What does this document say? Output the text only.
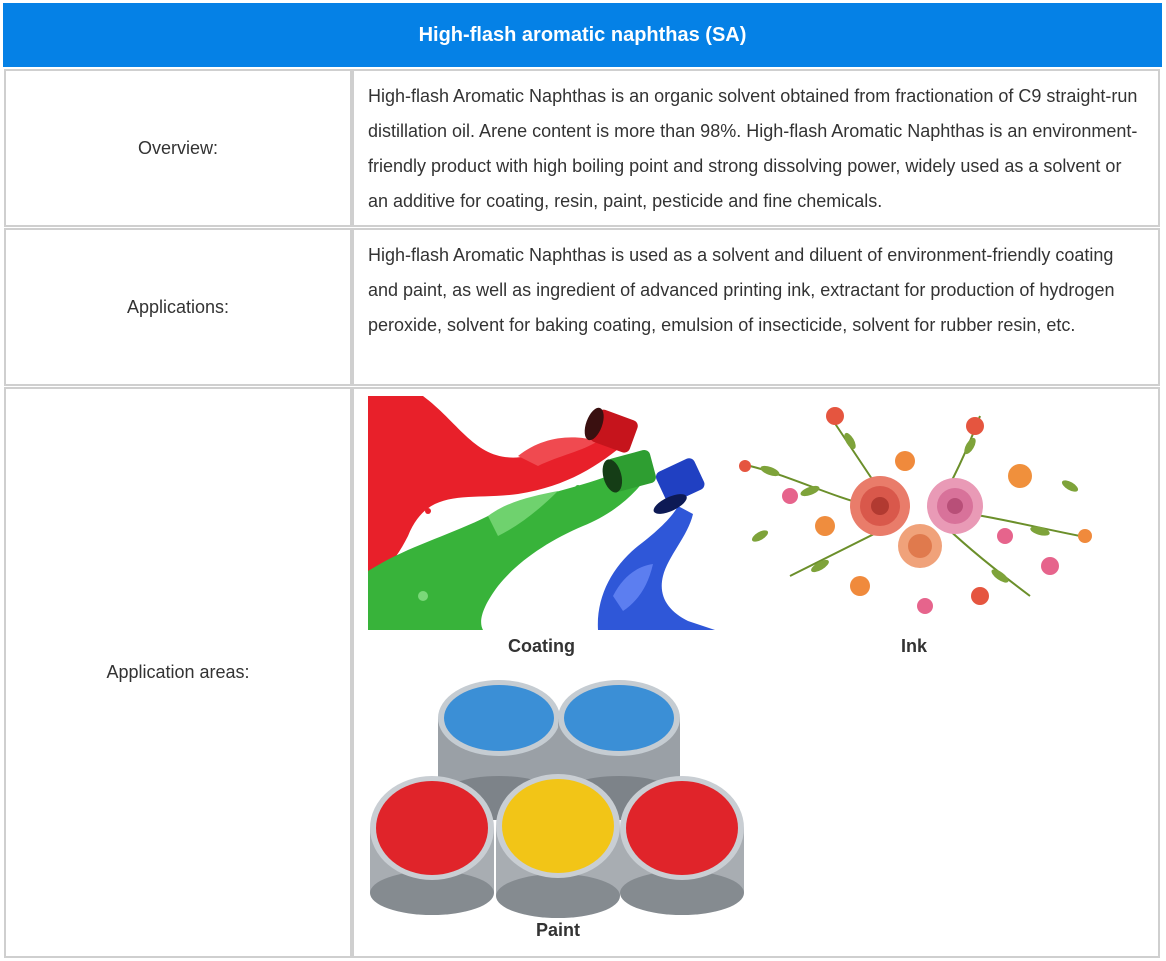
High-flash aromatic naphthas (SA)
Overview:
High-flash Aromatic Naphthas is an organic solvent obtained from fractionation of C9 straight-run distillation oil. Arene content is more than 98%. High-flash Aromatic Naphthas is an environment-friendly product with high boiling point and strong dissolving power, widely used as a solvent or an additive for coating, resin, paint, pesticide and fine chemicals.
Applications:
High-flash Aromatic Naphthas is used as a solvent and diluent of environment-friendly coating and paint, as well as ingredient of advanced printing ink, extractant for production of hydrogen peroxide, solvent for baking coating, emulsion of insecticide, solvent for rubber resin, etc.
Application areas:
Coating	Ink
Paint
